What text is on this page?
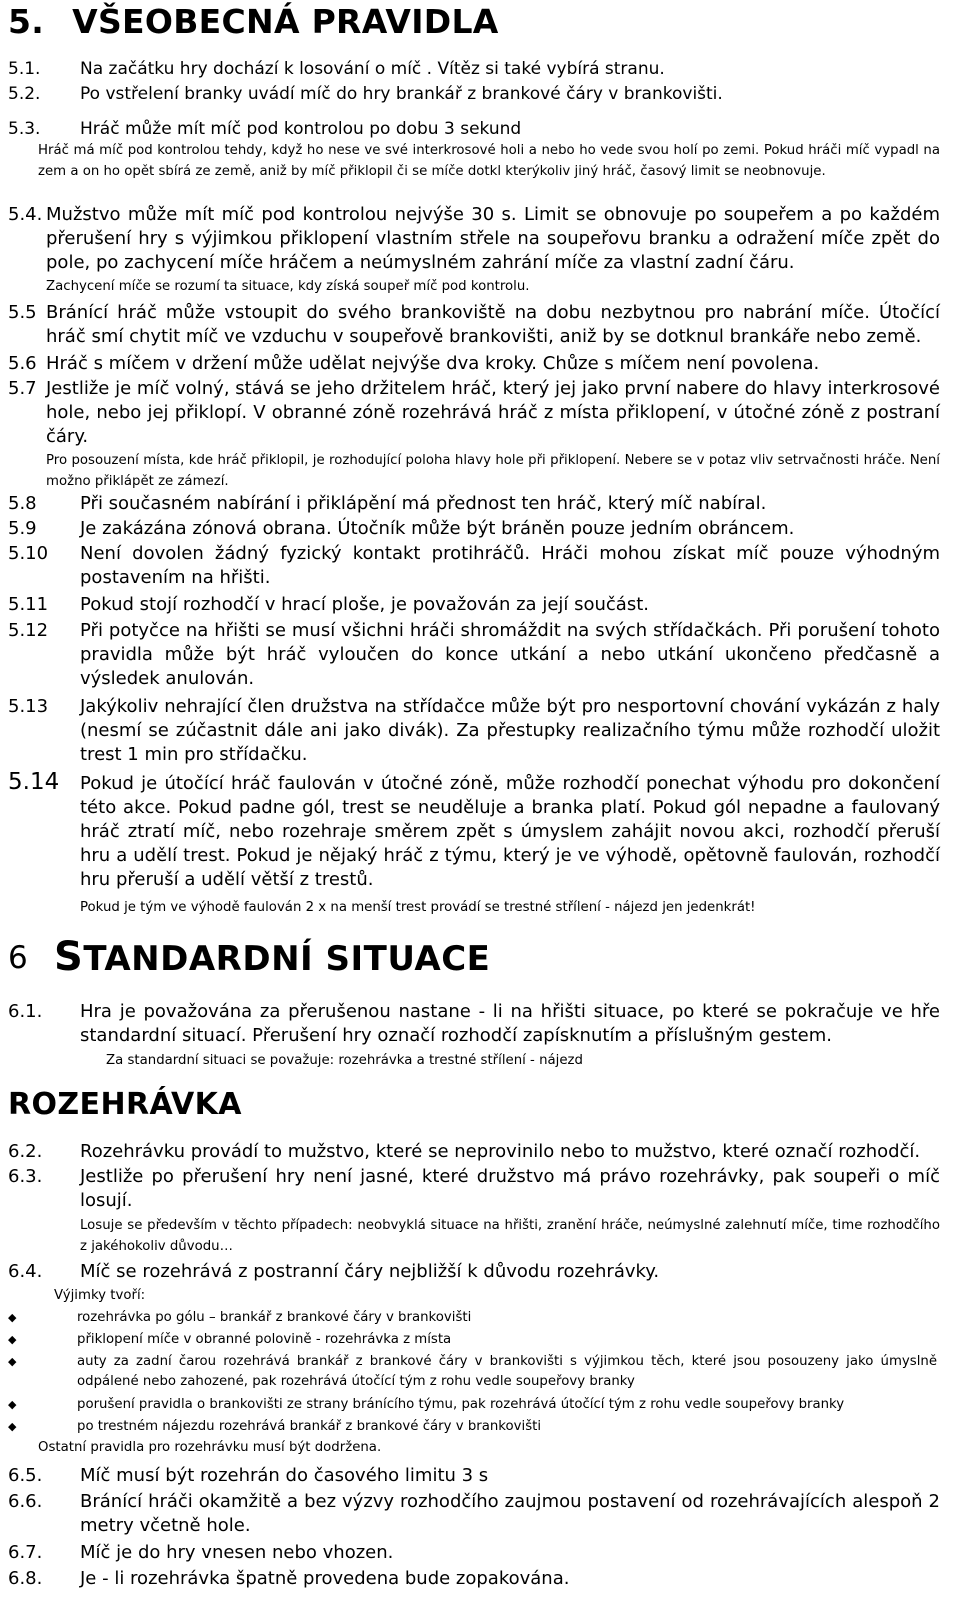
5. VŠEOBECNÁ PRAVIDLA
5.1. Na začátku hry dochází k losování o míč . Vítěz si také vybírá stranu.
5.2. Po vstřelení branky uvádí míč do hry brankář z brankové čáry v brankovišti.
5.3. Hráč může mít míč pod kontrolou po dobu 3 sekund
Hráč má míč pod kontrolou tehdy, když ho nese ve své interkrosové holi a nebo ho vede svou holí po zemi. Pokud hráči míč vypadl na zem a on ho opět sbírá ze země, aniž by míč přiklopil či se míče dotkl kterýkoliv jiný hráč, časový limit se neobnovuje.
5.4. Mužstvo může mít míč pod kontrolou nejvýše 30 s. Limit se obnovuje po soupeřem a po každém přerušení hry s výjimkou přiklopení vlastním střele na soupeřovu branku a odražení míče zpět do pole, po zachycení míče hráčem a neúmyslném zahrání míče za vlastní zadní čáru.
Zachycení míče se rozumí ta situace, kdy získá soupeř míč pod kontrolu.
5.5 Bránící hráč může vstoupit do svého brankoviště na dobu nezbytnou pro nabrání míče. Útočící hráč smí chytit míč ve vzduchu v soupeřově brankovišti, aniž by se dotknul brankáře nebo země.
5.6 Hráč s míčem v držení může udělat nejvýše dva kroky. Chůze s míčem není povolena.
5.7 Jestliže je míč volný, stává se jeho držitelem hráč, který jej jako první nabere do hlavy interkrosové hole, nebo jej přiklopí. V obranné zóně rozehrává hráč z místa přiklopení, v útočné zóně z postraní čáry.
Pro posouzení místa, kde hráč přiklopil, je rozhodující poloha hlavy hole při přiklopení. Nebere se v potaz vliv setrvačnosti hráče. Není možno přiklápět ze zámezí.
5.8 Při současném nabírání i přiklápění má přednost ten hráč, který míč nabíral.
5.9 Je zakázána zónová obrana. Útočník může být bráněn pouze jedním obráncem.
5.10 Není dovolen žádný fyzický kontakt protihráčů. Hráči mohou získat míč pouze výhodným postavením na hřišti.
5.11 Pokud stojí rozhodčí v hrací ploše, je považován za její součást.
5.12 Při potyčce na hřišti se musí všichni hráči shromáždit na svých střídačkách. Při porušení tohoto pravidla může být hráč vyloučen do konce utkání a nebo utkání ukončeno předčasně a výsledek anulován.
5.13 Jakýkoliv nehrající člen družstva na střídačce může být pro nesportovní chování vykázán z haly (nesmí se zúčastnit dále ani jako divák). Za přestupky realizačního týmu může rozhodčí uložit trest 1 min pro střídačku.
5.14 Pokud je útočící hráč faulován v útočné zóně, může rozhodčí ponechat výhodu pro dokončení této akce. Pokud padne gól, trest se neuděluje a branka platí. Pokud gól nepadne a faulovaný hráč ztratí míč, nebo rozehraje směrem zpět s úmyslem zahájit novou akci, rozhodčí přeruší hru a udělí trest. Pokud je nějaký hráč z týmu, který je ve výhodě, opětovně faulován, rozhodčí hru přeruší a udělí větší z trestů.
Pokud je tým ve výhodě faulován 2 x na menší trest provádí se trestné střílení - nájezd jen jedenkrát!
6 STANDARDNÍ SITUACE
6.1. Hra je považována za přerušenou nastane - li na hřišti situace, po které se pokračuje ve hře standardní situací. Přerušení hry označí rozhodčí zapísknutím a příslušným gestem.
Za standardní situaci se považuje: rozehrávka a trestné střílení - nájezd
ROZEHRÁVKA
6.2. Rozehrávku provádí to mužstvo, které se neprovinilo nebo to mužstvo, které označí rozhodčí.
6.3. Jestliže po přerušení hry není jasné, které družstvo má právo rozehrávky, pak soupeři o míč losují.
Losuje se především v těchto případech: neobvyklá situace na hřišti, zranění hráče, neúmyslné zalehnutí míče, time rozhodčího z jakéhokoliv důvodu…
6.4. Míč se rozehrává z postranní čáry nejbližší k důvodu rozehrávky.
Výjimky tvoří:
◆	rozehrávka po gólu – brankář z brankové čáry v brankovišti
◆	přiklopení míče v obranné polovině - rozehrávka z místa
◆	auty za zadní čarou rozehrává brankář z brankové čáry v brankovišti s výjimkou těch, které jsou posouzeny jako úmyslně odpálené nebo zahozené, pak rozehrává útočící tým z rohu vedle soupeřovy branky
◆	porušení pravidla o brankovišti ze strany bránícího týmu, pak rozehrává útočící tým z rohu vedle soupeřovy branky
◆	po trestném nájezdu rozehrává brankář z brankové čáry v brankovišti
Ostatní pravidla pro rozehrávku musí být dodržena.
6.5. Míč musí být rozehrán do časového limitu 3 s
6.6. Bránící hráči okamžitě a bez výzvy rozhodčího zaujmou postavení od rozehrávajících alespoň 2 metry včetně hole.
6.7. Míč je do hry vnesen nebo vhozen.
6.8. Je - li rozehrávka špatně provedena bude zopakována.
